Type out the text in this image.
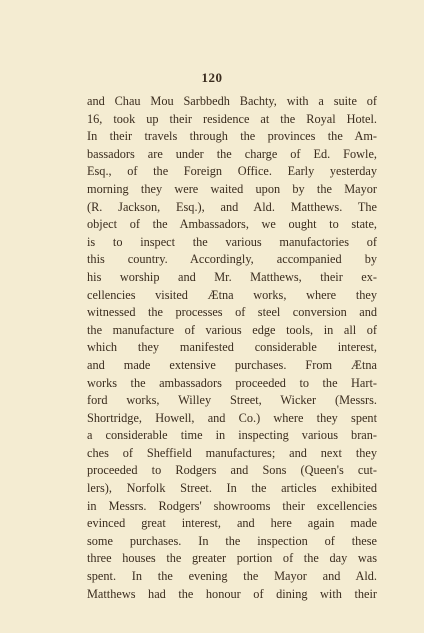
120
and Chau Mou Sarbbedh Bachty, with a suite of
16, took up their residence at the Royal Hotel.
In their travels through the provinces the Am-
bassadors are under the charge of Ed. Fowle,
Esq., of the Foreign Office. Early yesterday
morning they were waited upon by the Mayor
(R. Jackson, Esq.), and Ald. Matthews. The
object of the Ambassadors, we ought to state,
is to inspect the various manufactories of
this country. Accordingly, accompanied by
his worship and Mr. Matthews, their ex-
cellencies visited Ætna works, where they
witnessed the processes of steel conversion and
the manufacture of various edge tools, in all of
which they manifested considerable interest,
and made extensive purchases. From Ætna
works the ambassadors proceeded to the Hart-
ford works, Willey Street, Wicker (Messrs.
Shortridge, Howell, and Co.) where they spent
a considerable time in inspecting various bran-
ches of Sheffield manufactures; and next they
proceeded to Rodgers and Sons (Queen's cut-
lers), Norfolk Street. In the articles exhibited
in Messrs. Rodgers' showrooms their excellencies
evinced great interest, and here again made
some purchases. In the inspection of these
three houses the greater portion of the day was
spent. In the evening the Mayor and Ald.
Matthews had the honour of dining with their
